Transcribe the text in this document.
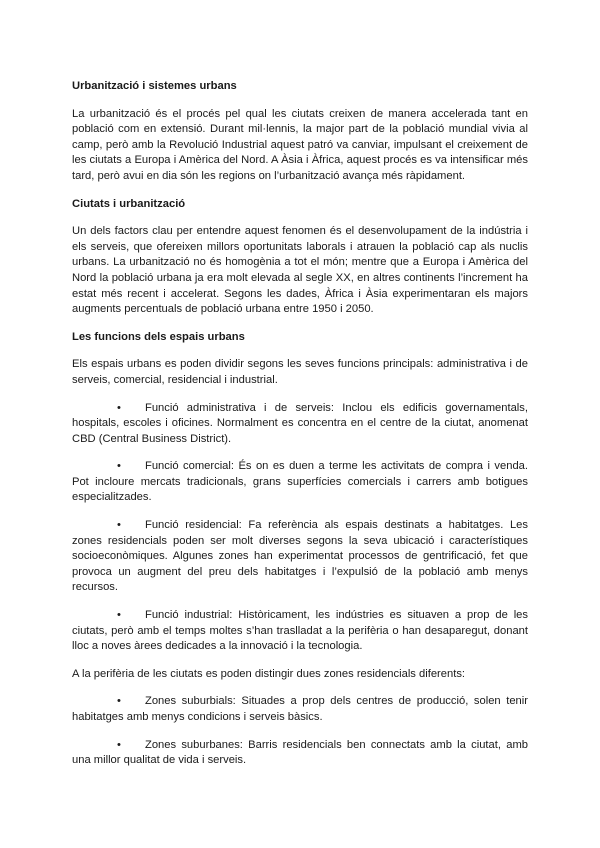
Urbanització i sistemes urbans

La urbanització és el procés pel qual les ciutats creixen de manera accelerada tant en població com en extensió. Durant mil·lennis, la major part de la població mundial vivia al camp, però amb la Revolució Industrial aquest patró va canviar, impulsant el creixement de les ciutats a Europa i Amèrica del Nord. A Àsia i Àfrica, aquest procés es va intensificar més tard, però avui en dia són les regions on l’urbanització avança més ràpidament.

Ciutats i urbanització

Un dels factors clau per entendre aquest fenomen és el desenvolupament de la indústria i els serveis, que ofereixen millors oportunitats laborals i atrauen la població cap als nuclis urbans. La urbanització no és homogènia a tot el món; mentre que a Europa i Amèrica del Nord la població urbana ja era molt elevada al segle XX, en altres continents l’increment ha estat més recent i accelerat. Segons les dades, Àfrica i Àsia experimentaran els majors augments percentuals de població urbana entre 1950 i 2050.

Les funcions dels espais urbans

Els espais urbans es poden dividir segons les seves funcions principals: administrativa i de serveis, comercial, residencial i industrial.

• Funció administrativa i de serveis: Inclou els edificis governamentals, hospitals, escoles i oficines. Normalment es concentra en el centre de la ciutat, anomenat CBD (Central Business District).
• Funció comercial: És on es duen a terme les activitats de compra i venda. Pot incloure mercats tradicionals, grans superfícies comercials i carrers amb botigues especialitzades.
• Funció residencial: Fa referència als espais destinats a habitatges. Les zones residencials poden ser molt diverses segons la seva ubicació i característiques socioeconòmiques. Algunes zones han experimentat processos de gentrificació, fet que provoca un augment del preu dels habitatges i l’expulsió de la població amb menys recursos.
• Funció industrial: Històricament, les indústries es situaven a prop de les ciutats, però amb el temps moltes s’han traslladat a la perifèria o han desaparegut, donant lloc a noves àrees dedicades a la innovació i la tecnologia.

A la perifèria de les ciutats es poden distingir dues zones residencials diferents:

• Zones suburbials: Situades a prop dels centres de producció, solen tenir habitatges amb menys condicions i serveis bàsics.
• Zones suburbanes: Barris residencials ben connectats amb la ciutat, amb una millor qualitat de vida i serveis.
